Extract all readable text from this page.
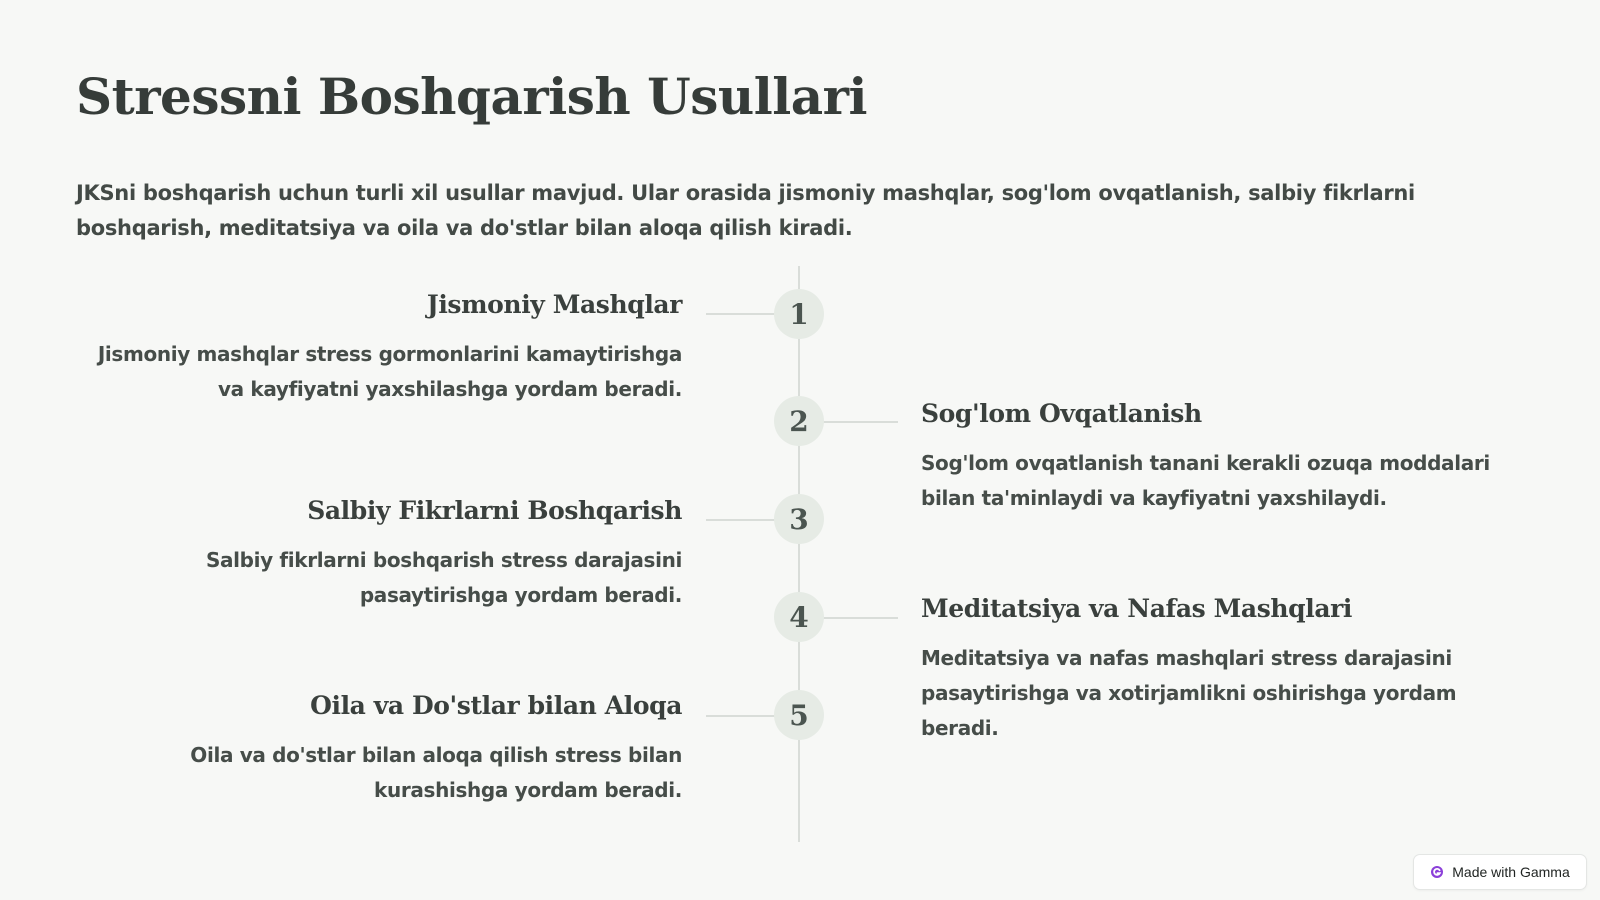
Stressni Boshqarish Usullari

JKSni boshqarish uchun turli xil usullar mavjud. Ular orasida jismoniy mashqlar, sog'lom ovqatlanish, salbiy fikrlarni boshqarish, meditatsiya va oila va do'stlar bilan aloqa qilish kiradi.

1
Jismoniy Mashqlar

Jismoniy mashqlar stress gormonlarini kamaytirishga va kayfiyatni yaxshilashga yordam beradi.

2	Sog'lom Ovqatlanish

Sog'lom ovqatlanish tanani kerakli ozuqa moddalari bilan ta'minlaydi va kayfiyatni yaxshilaydi.

3
Salbiy Fikrlarni Boshqarish

Salbiy fikrlarni boshqarish stress darajasini pasaytirishga yordam beradi.

4	Meditatsiya va Nafas Mashqlari

Meditatsiya va nafas mashqlari stress darajasini pasaytirishga va xotirjamlikni oshirishga yordam beradi.

5
Oila va Do'stlar bilan Aloqa

Oila va do'stlar bilan aloqa qilish stress bilan kurashishga yordam beradi.

Made with Gamma
